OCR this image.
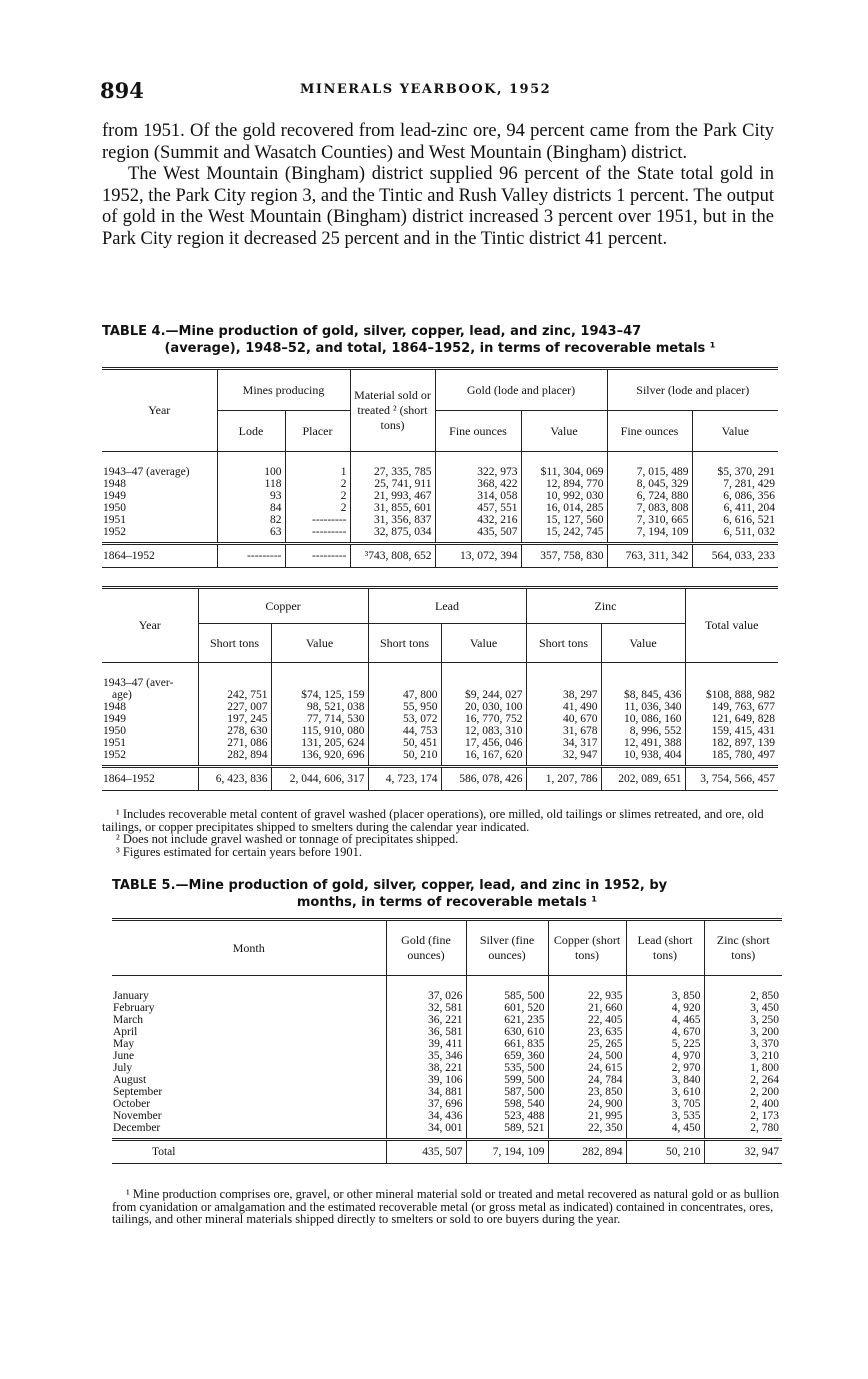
894	MINERALS YEARBOOK, 1952

from 1951. Of the gold recovered from lead-zinc ore, 94 percent came from the Park City region (Summit and Wasatch Counties) and West Mountain (Bingham) district.

The West Mountain (Bingham) district supplied 96 percent of the State total gold in 1952, the Park City region 3, and the Tintic and Rush Valley districts 1 percent. The output of gold in the West Mountain (Bingham) district increased 3 percent over 1951, but in the Park City region it decreased 25 percent and in the Tintic district 41 percent.

TABLE 4.—Mine production of gold, silver, copper, lead, and zinc, 1943–47
(average), 1948–52, and total, 1864–1952, in terms of recoverable metals ¹
Year	Mines producing		Material sold or treated ² (short tons)	Gold (lode and placer)		Silver (lode and placer)	
	Lode	Placer		Fine ounces	Value	Fine ounces	Value
1943–47 (average)	100	1	27, 335, 785	322, 973	$11, 304, 069	7, 015, 489	$5, 370, 291
1948	118	2	25, 741, 911	368, 422	12, 894, 770	8, 045, 329	7, 281, 429
1949	93	2	21, 993, 467	314, 058	10, 992, 030	6, 724, 880	6, 086, 356
1950	84	2	31, 855, 601	457, 551	16, 014, 285	7, 083, 808	6, 411, 204
1951	82	---------	31, 356, 837	432, 216	15, 127, 560	7, 310, 665	6, 616, 521
1952	63	---------	32, 875, 034	435, 507	15, 242, 745	7, 194, 109	6, 511, 032
1864–1952	---------	---------	³743, 808, 652	13, 072, 394	357, 758, 830	763, 311, 342	564, 033, 233
Year	Copper		Lead		Zinc		Total value
	Short tons	Value	Short tons	Value	Short tons	Value	
1943–47 (aver-							
age)	242, 751	$74, 125, 159	47, 800	$9, 244, 027	38, 297	$8, 845, 436	$108, 888, 982
1948	227, 007	98, 521, 038	55, 950	20, 030, 100	41, 490	11, 036, 340	149, 763, 677
1949	197, 245	77, 714, 530	53, 072	16, 770, 752	40, 670	10, 086, 160	121, 649, 828
1950	278, 630	115, 910, 080	44, 753	12, 083, 310	31, 678	8, 996, 552	159, 415, 431
1951	271, 086	131, 205, 624	50, 451	17, 456, 046	34, 317	12, 491, 388	182, 897, 139
1952	282, 894	136, 920, 696	50, 210	16, 167, 620	32, 947	10, 938, 404	185, 780, 497
1864–1952	6, 423, 836	2, 044, 606, 317	4, 723, 174	586, 078, 426	1, 207, 786	202, 089, 651	3, 754, 566, 457

¹ Includes recoverable metal content of gravel washed (placer operations), ore milled, old tailings or slimes retreated, and ore, old tailings, or copper precipitates shipped to smelters during the calendar year indicated.

² Does not include gravel washed or tonnage of precipitates shipped.

³ Figures estimated for certain years before 1901.

TABLE 5.—Mine production of gold, silver, copper, lead, and zinc in 1952, by
months, in terms of recoverable metals ¹
Month	Gold (fine ounces)	Silver (fine ounces)	Copper (short tons)	Lead (short tons)	Zinc (short tons)
January	37, 026	585, 500	22, 935	3, 850	2, 850
February	32, 581	601, 520	21, 660	4, 920	3, 450
March	36, 221	621, 235	22, 405	4, 465	3, 250
April	36, 581	630, 610	23, 635	4, 670	3, 200
May	39, 411	661, 835	25, 265	5, 225	3, 370
June	35, 346	659, 360	24, 500	4, 970	3, 210
July	38, 221	535, 500	24, 615	2, 970	1, 800
August	39, 106	599, 500	24, 784	3, 840	2, 264
September	34, 881	587, 500	23, 850	3, 610	2, 200
October	37, 696	598, 540	24, 900	3, 705	2, 400
November	34, 436	523, 488	21, 995	3, 535	2, 173
December	34, 001	589, 521	22, 350	4, 450	2, 780
Total	435, 507	7, 194, 109	282, 894	50, 210	32, 947

¹ Mine production comprises ore, gravel, or other mineral material sold or treated and metal recovered as natural gold or as bullion from cyanidation or amalgamation and the estimated recoverable metal (or gross metal as indicated) contained in concentrates, ores, tailings, and other mineral materials shipped directly to smelters or sold to ore buyers during the year.
